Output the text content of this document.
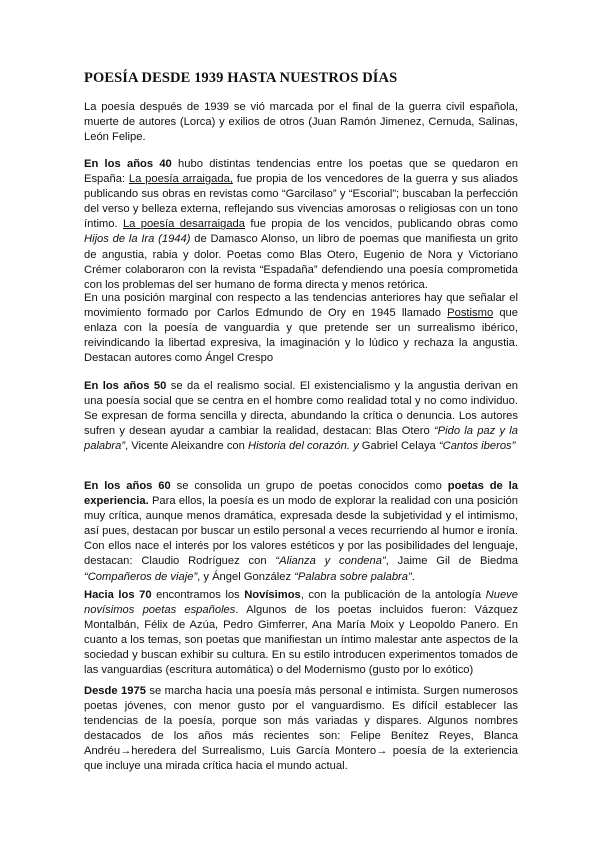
POESÍA DESDE 1939 HASTA NUESTROS DÍAS

La poesía después de 1939 se vió marcada por el final de la guerra civil española, muerte de autores (Lorca) y exilios de otros (Juan Ramón Jimenez, Cernuda, Salinas, León Felipe.

En los años 40 hubo distintas tendencias entre los poetas que se quedaron en España: La poesía arraigada, fue propia de los vencedores de la guerra y sus aliados publicando sus obras en revistas como “Garcilaso” y “Escorial”; buscaban la perfección del verso y belleza externa, reflejando sus vivencias amorosas o religiosas con un tono íntimo. La poesía desarraigada fue propia de los vencidos, publicando obras como Hijos de la Ira (1944) de Damasco Alonso, un libro de poemas que manifiesta un grito de angustia, rabia y dolor. Poetas como Blas Otero, Eugenio de Nora y Victoriano Crémer colaboraron con la revista “Espadaña” defendiendo una poesía comprometida con los problemas del ser humano de forma directa y menos retórica.

En una posición marginal con respecto a las tendencias anteriores hay que señalar el movimiento formado por Carlos Edmundo de Ory en 1945 llamado Postismo que enlaza con la poesía de vanguardia y que pretende ser un surrealismo ibérico, reivindicando la libertad expresiva, la imaginación y lo lúdico y rechaza la angustia. Destacan autores como Ángel Crespo

En los años 50 se da el realismo social. El existencialismo y la angustia derivan en una poesía social que se centra en el hombre como realidad total y no como individuo. Se expresan de forma sencilla y directa, abundando la crítica o denuncia. Los autores sufren y desean ayudar a cambiar la realidad, destacan: Blas Otero “Pido la paz y la palabra”, Vicente Aleixandre con Historia del corazón. y Gabriel Celaya “Cantos iberos”

En los años 60 se consolida un grupo de poetas conocidos como poetas de la experiencia. Para ellos, la poesía es un modo de explorar la realidad con una posición muy crítica, aunque menos dramática, expresada desde la subjetividad y el intimismo, así pues, destacan por buscar un estilo personal a veces recurriendo al humor e ironía. Con ellos nace el interés por los valores estéticos y por las posibilidades del lenguaje, destacan: Claudio Rodríguez con “Alianza y condena”, Jaime Gil de Biedma “Compañeros de viaje”, y Ángel González “Palabra sobre palabra”.

Hacia los 70 encontramos los Novísimos, con la publicación de la antología Nueve novísimos poetas españoles. Algunos de los poetas incluidos fueron: Vázquez Montalbán, Félix de Azúa, Pedro Gimferrer, Ana María Moix y Leopoldo Panero. En cuanto a los temas, son poetas que manifiestan un íntimo malestar ante aspectos de la sociedad y buscan exhibir su cultura. En su estilo introducen experimentos tomados de las vanguardias (escritura automática) o del Modernismo (gusto por lo exótico)

Desde 1975 se marcha hacia una poesía más personal e intimista. Surgen numerosos poetas jóvenes, con menor gusto por el vanguardismo. Es difícil establecer las tendencias de la poesía, porque son más variadas y dispares. Algunos nombres destacados de los años más recientes son: Felipe Benítez Reyes, Blanca Andréu→heredera del Surrealismo, Luis García Montero→ poesía de la exteriencia que incluye una mirada crítica hacia el mundo actual.
